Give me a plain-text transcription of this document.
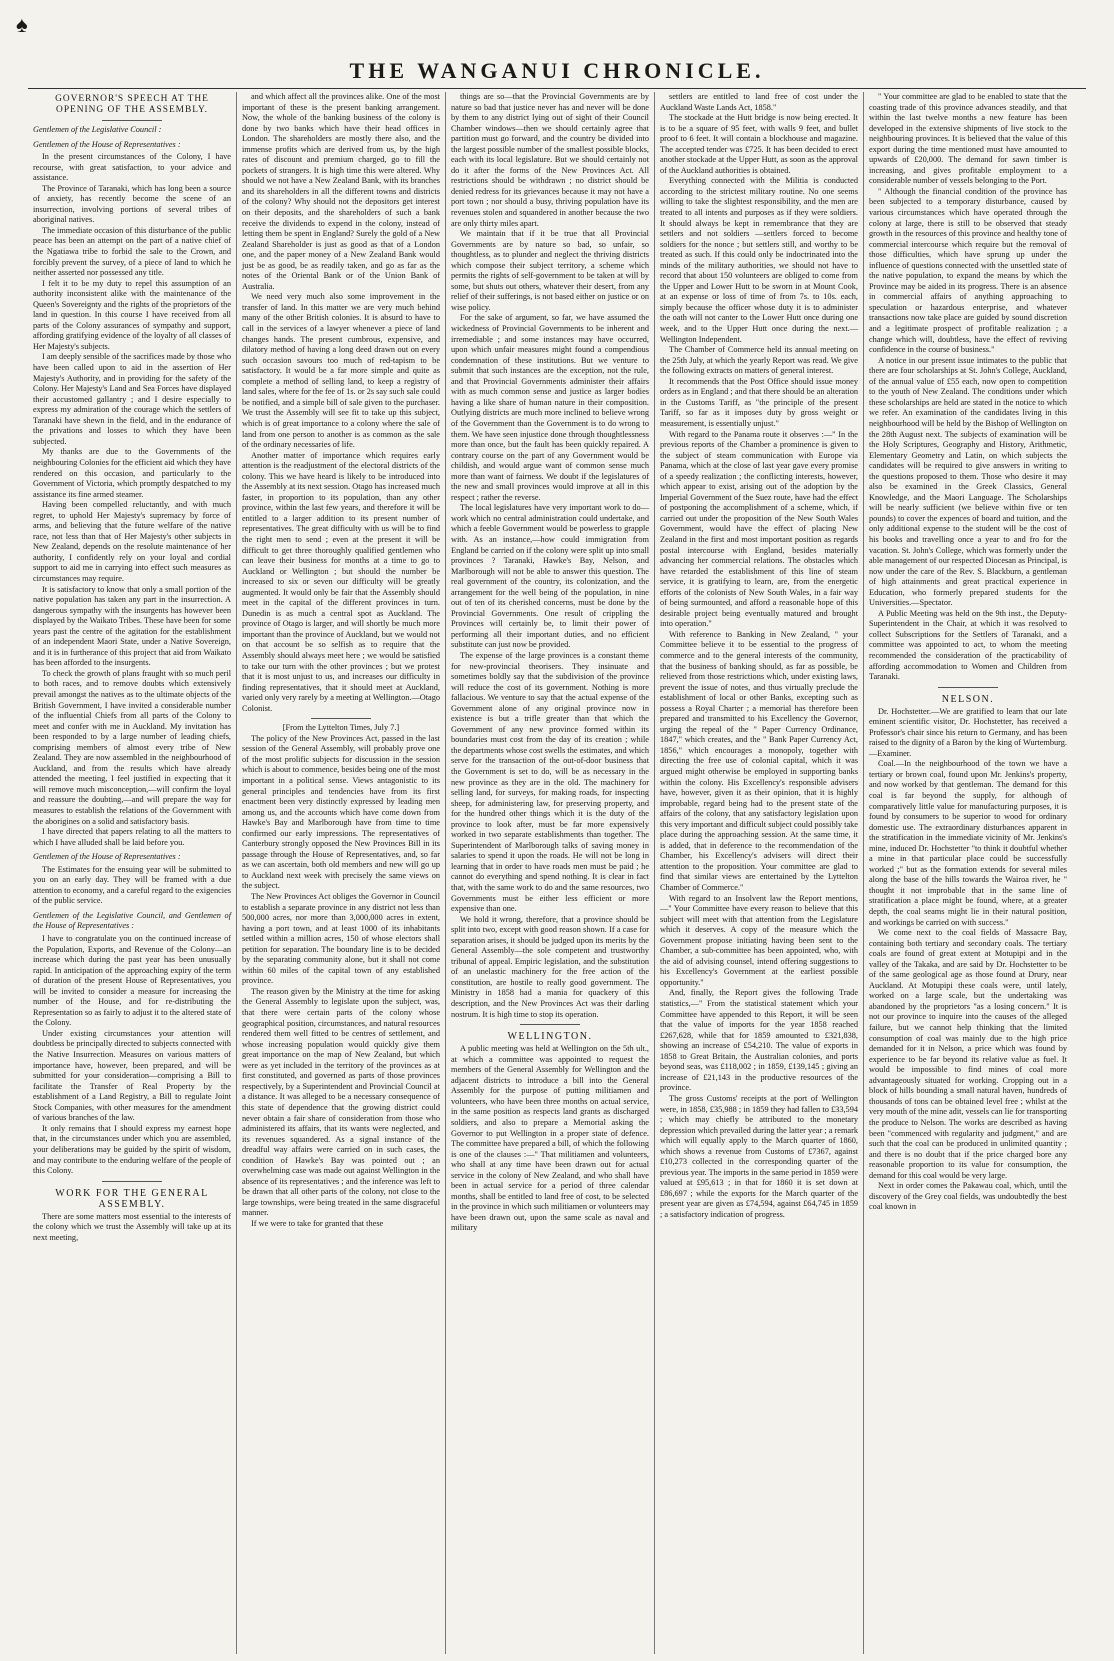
♠
THE WANGANUI CHRONICLE.
GOVERNOR'S SPEECH AT THE OPENING OF THE ASSEMBLY.

Gentlemen of the Legislative Council :

Gentlemen of the House of Representatives :

In the present circumstances of the Colony, I have recourse, with great satisfaction, to your advice and assistance.

The Province of Taranaki, which has long been a source of anxiety, has recently become the scene of an insurrection, involving portions of several tribes of aboriginal natives.

The immediate occasion of this disturbance of the public peace has been an attempt on the part of a native chief of the Ngatiawa tribe to forbid the sale to the Crown, and forcibly prevent the survey, of a piece of land to which he neither asserted nor possessed any title.

I felt it to be my duty to repel this assumption of an authority inconsistent alike with the maintenance of the Queen's Sovereignty and the rights of the proprietors of the land in question. In this course I have received from all parts of the Colony assurances of sympathy and support, affording gratifying evidence of the loyalty of all classes of Her Majesty's subjects.

I am deeply sensible of the sacrifices made by those who have been called upon to aid in the assertion of Her Majesty's Authority, and in providing for the safety of the Colony. Her Majesty's Land and Sea Forces have displayed their accustomed gallantry ; and I desire especially to express my admiration of the courage which the settlers of Taranaki have shewn in the field, and in the endurance of the privations and losses to which they have been subjected.

My thanks are due to the Governments of the neighbouring Colonies for the efficient aid which they have rendered on this occasion, and particularly to the Government of Victoria, which promptly despatched to my assistance its fine armed steamer.

Having been compelled reluctantly, and with much regret, to uphold Her Majesty's supremacy by force of arms, and believing that the future welfare of the native race, not less than that of Her Majesty's other subjects in New Zealand, depends on the resolute maintenance of her authority, I confidently rely on your loyal and cordial support to aid me in carrying into effect such measures as circumstances may require.

It is satisfactory to know that only a small portion of the native population has taken any part in the insurrection. A dangerous sympathy with the insurgents has however been displayed by the Waikato Tribes. These have been for some years past the centre of the agitation for the establishment of an independent Maori State, under a Native Sovereign, and it is in furtherance of this project that aid from Waikato has been afforded to the insurgents.

To check the growth of plans fraught with so much peril to both races, and to remove doubts which extensively prevail amongst the natives as to the ultimate objects of the British Government, I have invited a considerable number of the influential Chiefs from all parts of the Colony to meet and confer with me in Auckland. My invitation has been responded to by a large number of leading chiefs, comprising members of almost every tribe of New Zealand. They are now assembled in the neighbourhood of Auckland, and from the results which have already attended the meeting, I feel justified in expecting that it will remove much misconception,—will confirm the loyal and reassure the doubting,—and will prepare the way for measures to establish the relations of the Government with the aborigines on a solid and satisfactory basis.

I have directed that papers relating to all the matters to which I have alluded shall be laid before you.

Gentlemen of the House of Representatives :

The Estimates for the ensuing year will be submitted to you on an early day. They will be framed with a due attention to economy, and a careful regard to the exigencies of the public service.

Gentlemen of the Legislative Council, and Gentlemen of the House of Representatives :

I have to congratulate you on the continued increase of the Population, Exports, and Revenue of the Colony—an increase which during the past year has been unusually rapid. In anticipation of the approaching expiry of the term of duration of the present House of Representatives, you will be invited to consider a measure for increasing the number of the House, and for re-distributing the Representation so as fairly to adjust it to the altered state of the Colony.

Under existing circumstances your attention will doubtless be principally directed to subjects connected with the Native Insurrection. Measures on various matters of importance have, however, been prepared, and will be submitted for your consideration—comprising a Bill to facilitate the Transfer of Real Property by the establishment of a Land Registry, a Bill to regulate Joint Stock Companies, with other measures for the amendment of various branches of the law.

It only remains that I should express my earnest hope that, in the circumstances under which you are assembled, your deliberations may be guided by the spirit of wisdom, and may contribute to the enduring welfare of the people of this Colony.

WORK FOR THE GENERAL ASSEMBLY.

There are some matters most essential to the interests of the colony which we trust the Assembly will take up at its next meeting,

and which affect all the provinces alike. One of the most important of these is the present banking arrangement. Now, the whole of the banking business of the colony is done by two banks which have their head offices in London. The shareholders are mostly there also, and the immense profits which are derived from us, by the high rates of discount and premium charged, go to fill the pockets of strangers. It is high time this were altered. Why should we not have a New Zealand Bank, with its branches and its shareholders in all the different towns and districts of the colony? Why should not the depositors get interest on their deposits, and the shareholders of such a bank receive the dividends to expend in the colony, instead of letting them be spent in England? Surely the gold of a New Zealand Shareholder is just as good as that of a London one, and the paper money of a New Zealand Bank would just be as good, be as readily taken, and go as far as the notes of the Oriental Bank or of the Union Bank of Australia.

We need very much also some improvement in the transfer of land. In this matter we are very much behind many of the other British colonies. It is absurd to have to call in the services of a lawyer whenever a piece of land changes hands. The present cumbrous, expensive, and dilatory method of having a long deed drawn out on every such occasion savours too much of red-tapism to be satisfactory. It would be a far more simple and quite as complete a method of selling land, to keep a registry of land sales, where for the fee of 1s. or 2s say such sale could be notified, and a simple bill of sale given to the purchaser. We trust the Assembly will see fit to take up this subject, which is of great importance to a colony where the sale of land from one person to another is as common as the sale of the ordinary necessaries of life.

Another matter of importance which requires early attention is the readjustment of the electoral districts of the colony. This we have heard is likely to be introduced into the Assembly at its next session. Otago has increased much faster, in proportion to its population, than any other province, within the last few years, and therefore it will be entitled to a larger addition to its present number of representatives. The great difficulty with us will be to find the right men to send ; even at the present it will be difficult to get three thoroughly qualified gentlemen who can leave their business for months at a time to go to Auckland or Wellington ; but should the number be increased to six or seven our difficulty will be greatly augmented. It would only be fair that the Assembly should meet in the capital of the different provinces in turn. Dunedin is as much a central spot as Auckland. The province of Otago is larger, and will shortly be much more important than the province of Auckland, but we would not on that account be so selfish as to require that the Assembly should always meet here ; we would be satisfied to take our turn with the other provinces ; but we protest that it is most unjust to us, and increases our difficulty in finding representatives, that it should meet at Auckland, varied only very rarely by a meeting at Wellington.—Otago Colonist.

[From the Lyttelton Times, July 7.]

The policy of the New Provinces Act, passed in the last session of the General Assembly, will probably prove one of the most prolific subjects for discussion in the session which is about to commence, besides being one of the most important in a political sense. Views antagonistic to its general principles and tendencies have from its first enactment been very distinctly expressed by leading men among us, and the accounts which have come down from Hawke's Bay and Marlborough have from time to time confirmed our early impressions. The representatives of Canterbury strongly opposed the New Provinces Bill in its passage through the House of Representatives, and, so far as we can ascertain, both old members and new will go up to Auckland next week with precisely the same views on the subject.

The New Provinces Act obliges the Governor in Council to establish a separate province in any district not less than 500,000 acres, nor more than 3,000,000 acres in extent, having a port town, and at least 1000 of its inhabitants settled within a million acres, 150 of whose electors shall petition for separation. The boundary line is to be decided by the separating community alone, but it shall not come within 60 miles of the capital town of any established province.

The reason given by the Ministry at the time for asking the General Assembly to legislate upon the subject, was, that there were certain parts of the colony whose geographical position, circumstances, and natural resources rendered them well fitted to be centres of settlement, and whose increasing population would quickly give them great importance on the map of New Zealand, but which were as yet included in the territory of the provinces as at first constituted, and governed as parts of those provinces respectively, by a Superintendent and Provincial Council at a distance. It was alleged to be a necessary consequence of this state of dependence that the growing district could never obtain a fair share of consideration from those who administered its affairs, that its wants were neglected, and its revenues squandered. As a signal instance of the dreadful way affairs were carried on in such cases, the condition of Hawke's Bay was pointed out ; an overwhelming case was made out against Wellington in the absence of its representatives ; and the inference was left to be drawn that all other parts of the colony, not close to the large townships, were being treated in the same disgraceful manner.

If we were to take for granted that these

things are so—that the Provincial Governments are by nature so bad that justice never has and never will be done by them to any district lying out of sight of their Council Chamber windows—then we should certainly agree that partition must go forward, and the country be divided into the largest possible number of the smallest possible blocks, each with its local legislature. But we should certainly not do it after the forms of the New Provinces Act. All restrictions should be withdrawn ; no district should be denied redress for its grievances because it may not have a port town ; nor should a busy, thriving population have its revenues stolen and squandered in another because the two are only thirty miles apart.

We maintain that if it be true that all Provincial Governments are by nature so bad, so unfair, so thoughtless, as to plunder and neglect the thriving districts which compose their subject territory, a scheme which permits the rights of self-government to be taken at will by some, but shuts out others, whatever their desert, from any relief of their sufferings, is not based either on justice or on wise policy.

For the sake of argument, so far, we have assumed the wickedness of Provincial Governments to be inherent and irremediable ; and some instances may have occurred, upon which unfair measures might found a compendious condemnation of these institutions. But we venture to submit that such instances are the exception, not the rule, and that Provincial Governments administer their affairs with as much common sense and justice as larger bodies having a like share of human nature in their composition. Outlying districts are much more inclined to believe wrong of the Government than the Government is to do wrong to them. We have seen injustice done through thoughtlessness more than once, but the fault has been quickly repaired. A contrary course on the part of any Government would be childish, and would argue want of common sense much more than want of fairness. We doubt if the legislatures of the new and small provinces would improve at all in this respect ; rather the reverse.

The local legislatures have very important work to do—work which no central administration could undertake, and which a feeble Government would be powerless to grapple with. As an instance,—how could immigration from England be carried on if the colony were split up into small provinces ? Taranaki, Hawke's Bay, Nelson, and Marlborough will not be able to answer this question. The real government of the country, its colonization, and the arrangement for the well being of the population, in nine out of ten of its cherished concerns, must be done by the Provincial Governments. One result of crippling the Provinces will certainly be, to limit their power of performing all their important duties, and no efficient substitute can just now be provided.

The expense of the large provinces is a constant theme for new-provincial theorisers. They insinuate and sometimes boldly say that the subdivision of the province will reduce the cost of its government. Nothing is more fallacious. We venture to say that the actual expense of the Government alone of any original province now in existence is but a trifle greater than that which the Government of any new province formed within its boundaries must cost from the day of its creation ; while the departments whose cost swells the estimates, and which serve for the transaction of the out-of-door business that the Government is set to do, will be as necessary in the new province as they are in the old. The machinery for selling land, for surveys, for making roads, for inspecting sheep, for administering law, for preserving property, and for the hundred other things which it is the duty of the province to look after, must be far more expensively worked in two separate establishments than together. The Superintendent of Marlborough talks of saving money in salaries to spend it upon the roads. He will not be long in learning that in order to have roads men must be paid ; he cannot do everything and spend nothing. It is clear in fact that, with the same work to do and the same resources, two Governments must be either less efficient or more expensive than one.

We hold it wrong, therefore, that a province should be split into two, except with good reason shown. If a case for separation arises, it should be judged upon its merits by the General Assembly—the sole competent and trustworthy tribunal of appeal. Empiric legislation, and the substitution of an unelastic machinery for the free action of the constitution, are hostile to really good government. The Ministry in 1858 had a mania for quackery of this description, and the New Provinces Act was their darling nostrum. It is high time to stop its operation.

WELLINGTON.

A public meeting was held at Wellington on the 5th ult., at which a committee was appointed to request the members of the General Assembly for Wellington and the adjacent districts to introduce a bill into the General Assembly for the purpose of putting militiamen and volunteers, who have been three months on actual service, in the same position as respects land grants as discharged soldiers, and also to prepare a Memorial asking the Governor to put Wellington in a proper state of defence. The committee have prepared a bill, of which the following is one of the clauses :—" That militiamen and volunteers, who shall at any time have been drawn out for actual service in the colony of New Zealand, and who shall have been in actual service for a period of three calendar months, shall be entitled to land free of cost, to be selected in the province in which such militiamen or volunteers may have been drawn out, upon the same scale as naval and military

settlers are entitled to land free of cost under the Auckland Waste Lands Act, 1858."

The stockade at the Hutt bridge is now being erected. It is to be a square of 95 feet, with walls 9 feet, and bullet proof to 6 feet. It will contain a blockhouse and magazine. The accepted tender was £725. It has been decided to erect another stockade at the Upper Hutt, as soon as the approval of the Auckland authorities is obtained.

Everything connected with the Militia is conducted according to the strictest military routine. No one seems willing to take the slightest responsibility, and the men are treated to all intents and purposes as if they were soldiers. It should always be kept in remembrance that they are settlers and not soldiers —settlers forced to become soldiers for the nonce ; but settlers still, and worthy to be treated as such. If this could only be indoctrinated into the minds of the military authorities, we should not have to record that about 150 volunteers are obliged to come from the Upper and Lower Hutt to be sworn in at Mount Cook, at an expense or loss of time of from 7s. to 10s. each, simply because the officer whose duty it is to administer the oath will not canter to the Lower Hutt once during one week, and to the Upper Hutt once during the next.—Wellington Independent.

The Chamber of Commerce held its annual meeting on the 25th July, at which the yearly Report was read. We give the following extracts on matters of general interest.

It recommends that the Post Office should issue money orders as in England ; and that there should be an alteration in the Customs Tariff, as "the principle of the present Tariff, so far as it imposes duty by gross weight or measurement, is essentially unjust."

With regard to the Panama route it observes :—" In the previous reports of the Chamber a prominence is given to the subject of steam communication with Europe via Panama, which at the close of last year gave every promise of a speedy realization ; the conflicting interests, however, which appear to exist, arising out of the adoption by the Imperial Government of the Suez route, have had the effect of postponing the accomplishment of a scheme, which, if carried out under the proposition of the New South Wales Government, would have the effect of placing New Zealand in the first and most important position as regards postal intercourse with England, besides materially advancing her commercial relations. The obstacles which have retarded the establishment of this line of steam service, it is gratifying to learn, are, from the energetic efforts of the colonists of New South Wales, in a fair way of being surmounted, and afford a reasonable hope of this desirable project being eventually matured and brought into operation."

With reference to Banking in New Zealand, " your Committee believe it to be essential to the progress of commerce and to the general interests of the community, that the business of banking should, as far as possible, be relieved from those restrictions which, under existing laws, prevent the issue of notes, and thus virtually preclude the establishment of local or other Banks, excepting such as possess a Royal Charter ; a memorial has therefore been prepared and transmitted to his Excellency the Governor, urging the repeal of the " Paper Currency Ordinance, 1847," which creates, and the " Bank Paper Currency Act, 1856," which encourages a monopoly, together with directing the free use of colonial capital, which it was argued might otherwise be employed in supporting banks within the colony. His Excellency's responsible advisers have, however, given it as their opinion, that it is highly improbable, regard being had to the present state of the affairs of the colony, that any satisfactory legislation upon this very important and difficult subject could possibly take place during the approaching session. At the same time, it is added, that in deference to the recommendation of the Chamber, his Excellency's advisers will direct their attention to the proposition. Your committee are glad to find that similar views are entertained by the Lyttelton Chamber of Commerce."

With regard to an Insolvent law the Report mentions, —" Your Committee have every reason to believe that this subject will meet with that attention from the Legislature which it deserves. A copy of the measure which the Government propose initiating having been sent to the Chamber, a sub-committee has been appointed, who, with the aid of advising counsel, intend offering suggestions to his Excellency's Government at the earliest possible opportunity."

And, finally, the Report gives the following Trade statistics,—" From the statistical statement which your Committee have appended to this Report, it will be seen that the value of imports for the year 1858 reached £267,628, while that for 1859 amounted to £321,838, showing an increase of £54,210. The value of exports in 1858 to Great Britain, the Australian colonies, and ports beyond seas, was £118,002 ; in 1859, £139,145 ; giving an increase of £21,143 in the productive resources of the province.

The gross Customs' receipts at the port of Wellington were, in 1858, £35,988 ; in 1859 they had fallen to £33,594 ; which may chiefly be attributed to the monetary depression which prevailed during the latter year ; a remark which will equally apply to the March quarter of 1860, which shows a revenue from Customs of £7367, against £10,273 collected in the corresponding quarter of the previous year. The imports in the same period in 1859 were valued at £95,613 ; in that for 1860 it is set down at £86,697 ; while the exports for the March quarter of the present year are given as £74,594, against £64,745 in 1859 ; a satisfactory indication of progress.

" Your committee are glad to be enabled to state that the coasting trade of this province advances steadily, and that within the last twelve months a new feature has been developed in the extensive shipments of live stock to the neighbouring provinces. It is believed that the value of this export during the time mentioned must have amounted to upwards of £20,000. The demand for sawn timber is increasing, and gives profitable employment to a considerable number of vessels belonging to the Port.

" Although the financial condition of the province has been subjected to a temporary disturbance, caused by various circumstances which have operated through the colony at large, there is still to be observed that steady growth in the resources of this province and healthy tone of commercial intercourse which require but the removal of those difficulties, which have sprung up under the influence of questions connected with the unsettled state of the native population, to expand the means by which the Province may be aided in its progress. There is an absence in commercial affairs of anything approaching to speculation or hazardous enterprise, and whatever transactions now take place are guided by sound discretion and a legitimate prospect of profitable realization ; a change which will, doubtless, have the effect of reviving confidence in the course of business."

A notice in our present issue intimates to the public that there are four scholarships at St. John's College, Auckland, of the annual value of £55 each, now open to competition to the youth of New Zealand. The conditions under which these scholarships are held are stated in the notice to which we refer. An examination of the candidates living in this neighbourhood will be held by the Bishop of Wellington on the 28th August next. The subjects of examination will be the Holy Scriptures, Geography and History, Arithmetic, Elementary Geometry and Latin, on which subjects the candidates will be required to give answers in writing to the questions proposed to them. Those who desire it may also be examined in the Greek Classics, General Knowledge, and the Maori Language. The Scholarships will be nearly sufficient (we believe within five or ten pounds) to cover the expences of board and tuition, and the only additional expense to the student will be the cost of his books and travelling once a year to and fro for the vacation. St. John's College, which was formerly under the able management of our respected Diocesan as Principal, is now under the care of the Rev. S. Blackburn, a gentleman of high attainments and great practical experience in Education, who formerly prepared students for the Universities.—Spectator.

A Public Meeting was held on the 9th inst., the Deputy-Superintendent in the Chair, at which it was resolved to collect Subscriptions for the Settlers of Taranaki, and a committee was appointed to act, to whom the meeting recommended the consideration of the practicability of affording accommodation to Women and Children from Taranaki.

NELSON.

Dr. Hochstetter.—We are gratified to learn that our late eminent scientific visitor, Dr. Hochstetter, has received a Professor's chair since his return to Germany, and has been raised to the dignity of a Baron by the king of Wurtemburg.—Examiner.

Coal.—In the neighbourhood of the town we have a tertiary or brown coal, found upon Mr. Jenkins's property, and now worked by that gentleman. The demand for this coal is far beyond the supply, for although of comparatively little value for manufacturing purposes, it is found by consumers to be superior to wood for ordinary domestic use. The extraordinary disturbances apparent in the stratification in the immediate vicinity of Mr. Jenkins's mine, induced Dr. Hochstetter "to think it doubtful whether a mine in that particular place could be successfully worked ;" but as the formation extends for several miles along the base of the hills towards the Wairoa river, he " thought it not improbable that in the same line of stratification a place might be found, where, at a greater depth, the coal seams might lie in their natural position, and workings be carried on with success."

We come next to the coal fields of Massacre Bay, containing both tertiary and secondary coals. The tertiary coals are found of great extent at Motupipi and in the valley of the Takaka, and are said by Dr. Hochstetter to be of the same geological age as those found at Drury, near Auckland. At Motupipi these coals were, until lately, worked on a large scale, but the undertaking was abandoned by the proprietors "as a losing concern." It is not our province to inquire into the causes of the alleged failure, but we cannot help thinking that the limited consumption of coal was mainly due to the high price demanded for it in Nelson, a price which was found by experience to be far beyond its relative value as fuel. It would be impossible to find mines of coal more advantageously situated for working. Cropping out in a block of hills bounding a small natural haven, hundreds of thousands of tons can be obtained level free ; whilst at the very mouth of the mine adit, vessels can lie for transporting the produce to Nelson. The works are described as having been "commenced with regularity and judgment," and are such that the coal can be produced in unlimited quantity ; and there is no doubt that if the price charged bore any reasonable proportion to its value for consumption, the demand for this coal would be very large.

Next in order comes the Pakawau coal, which, until the discovery of the Grey coal fields, was undoubtedly the best coal known in
